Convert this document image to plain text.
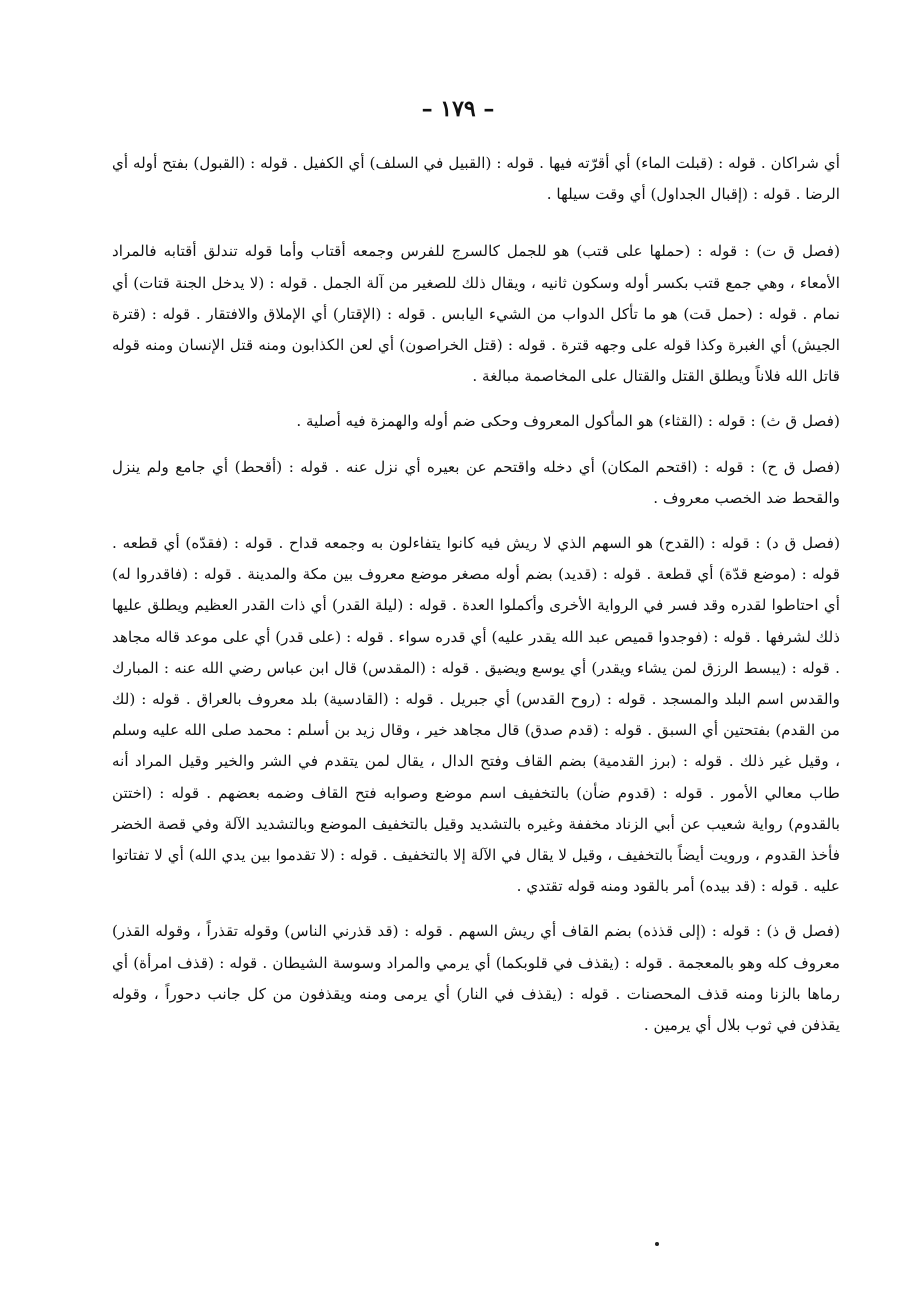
– ١٧٩ –

أي شراكان . قوله : (قبلت الماء) أي أقرّته فيها . قوله : (القبيل في السلف) أي الكفيل . قوله : (القبول) بفتح أوله أي الرضا . قوله : (إقبال الجداول) أي وقت سيلها .

(فصل ق ت) : قوله : (حملها على قتب) هو للجمل كالسرج للفرس وجمعه أقتاب وأما قوله تندلق أقتابه فالمراد الأمعاء ، وهي جمع قتب بكسر أوله وسكون ثانيه ، ويقال ذلك للصغير من آلة الجمل . قوله : (لا يدخل الجنة قتات) أي نمام . قوله : (حمل قت) هو ما تأكل الدواب من الشيء اليابس . قوله : (الإقتار) أي الإملاق والافتقار . قوله : (قترة الجيش) أي الغبرة وكذا قوله على وجهه قترة . قوله : (قتل الخراصون) أي لعن الكذابون ومنه قتل الإنسان ومنه قوله قاتل الله فلاناً ويطلق القتل والقتال على المخاصمة مبالغة .

(فصل ق ث) : قوله : (القثاء) هو المأكول المعروف وحكى ضم أوله والهمزة فيه أصلية .

(فصل ق ح) : قوله : (اقتحم المكان) أي دخله واقتحم عن بعيره أي نزل عنه . قوله : (أقحط) أي جامع ولم ينزل والقحط ضد الخصب معروف .

(فصل ق د) : قوله : (القدح) هو السهم الذي لا ريش فيه كانوا يتفاءلون به وجمعه قداح . قوله : (فقدّه) أي قطعه . قوله : (موضع قدّة) أي قطعة . قوله : (قديد) بضم أوله مصغر موضع معروف بين مكة والمدينة . قوله : (فاقدروا له) أي احتاطوا لقدره وقد فسر في الرواية الأخرى وأكملوا العدة . قوله : (ليلة القدر) أي ذات القدر العظيم ويطلق عليها ذلك لشرفها . قوله : (فوجدوا قميص عبد الله يقدر عليه) أي قدره سواء . قوله : (على قدر) أي على موعد قاله مجاهد . قوله : (يبسط الرزق لمن يشاء ويقدر) أي يوسع ويضيق . قوله : (المقدس) قال ابن عباس رضي الله عنه : المبارك والقدس اسم البلد والمسجد . قوله : (روح القدس) أي جبريل . قوله : (القادسية) بلد معروف بالعراق . قوله : (لك من القدم) بفتحتين أي السبق . قوله : (قدم صدق) قال مجاهد خير ، وقال زيد بن أسلم : محمد صلى الله عليه وسلم ، وقيل غير ذلك . قوله : (برز القدمية) بضم القاف وفتح الدال ، يقال لمن يتقدم في الشر والخير وقيل المراد أنه طاب معالي الأمور . قوله : (قدوم ضأن) بالتخفيف اسم موضع وصوابه فتح القاف وضمه بعضهم . قوله : (اختتن بالقدوم) رواية شعيب عن أبي الزناد مخففة وغيره بالتشديد وقيل بالتخفيف الموضع وبالتشديد الآلة وفي قصة الخضر فأخذ القدوم ، ورويت أيضاً بالتخفيف ، وقيل لا يقال في الآلة إلا بالتخفيف . قوله : (لا تقدموا بين يدي الله) أي لا تفتاتوا عليه . قوله : (قد بيده) أمر بالقود ومنه قوله تقتدي .

(فصل ق ذ) : قوله : (إلى قذذه) بضم القاف أي ريش السهم . قوله : (قد قذرني الناس) وقوله تقذراً ، وقوله القذر) معروف كله وهو بالمعجمة . قوله : (يقذف في قلوبكما) أي يرمي والمراد وسوسة الشيطان . قوله : (قذف امرأة) أي رماها بالزنا ومنه قذف المحصنات . قوله : (يقذف في النار) أي يرمى ومنه ويقذفون من كل جانب دحوراً ، وقوله يقذفن في ثوب بلال أي يرمين .
